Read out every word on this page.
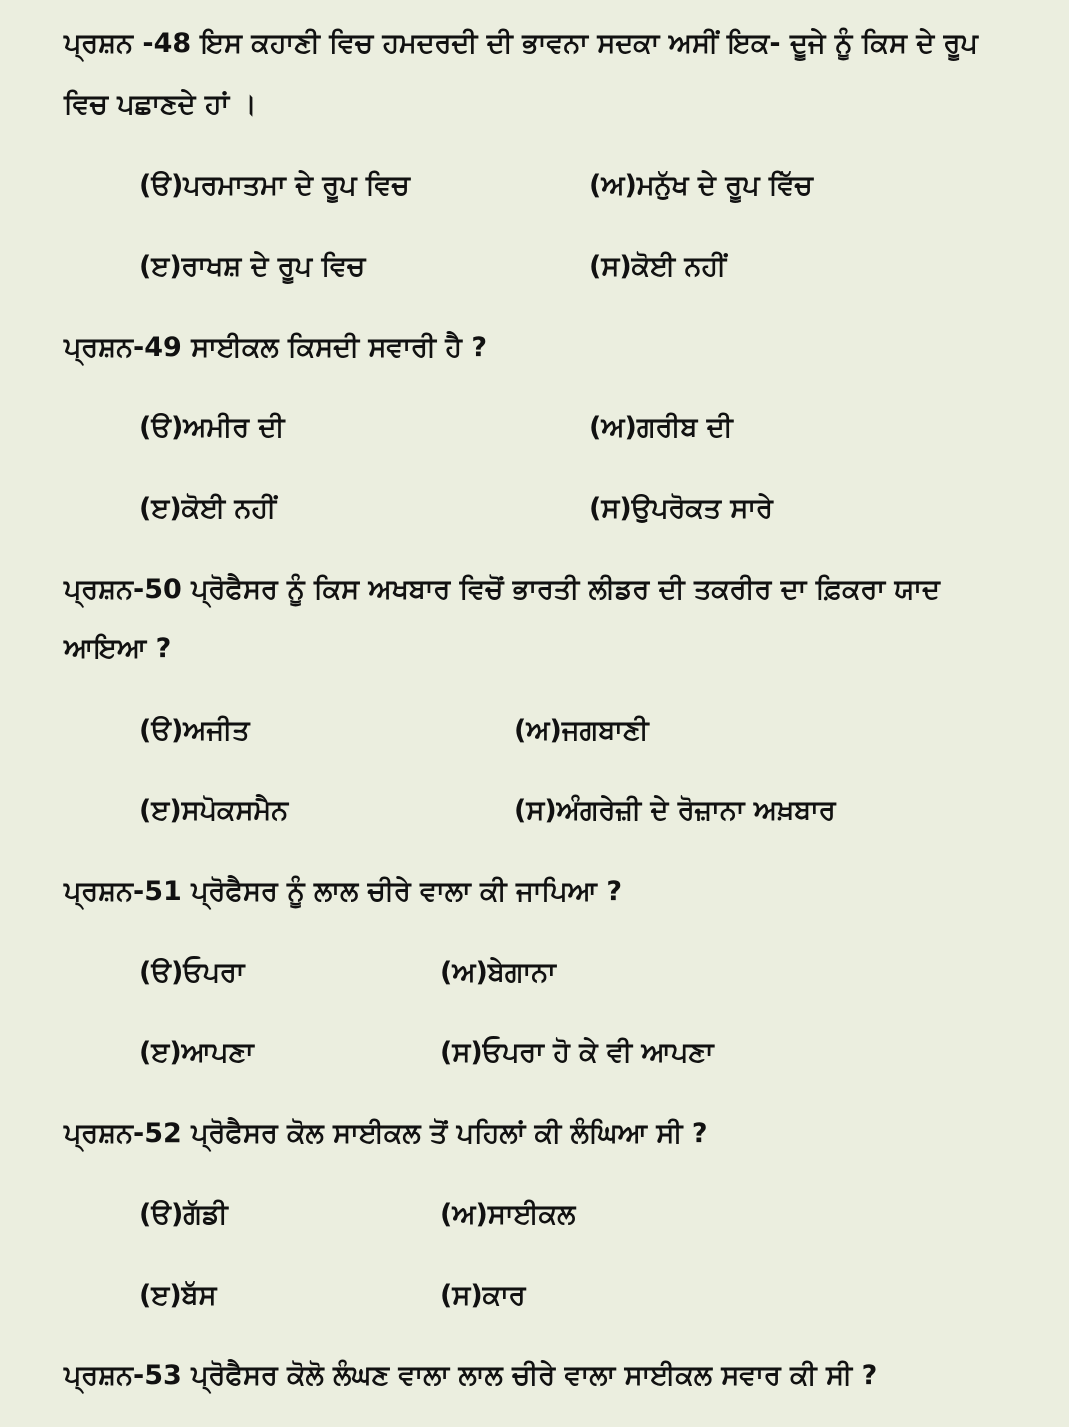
ਪ੍ਰਸ਼ਨ -48 ਇਸ ਕਹਾਣੀ ਵਿਚ ਹਮਦਰਦੀ ਦੀ ਭਾਵਨਾ ਸਦਕਾ ਅਸੀਂ ਇਕ- ਦੂਜੇ ਨੂੰ ਕਿਸ ਦੇ ਰੂਪ
ਵਿਚ ਪਛਾਣਦੇ ਹਾਂ ।
(ੳ)ਪਰਮਾਤਮਾ ਦੇ ਰੂਪ ਵਿਚ	(ਅ)ਮਨੁੱਖ ਦੇ ਰੂਪ ਵਿੱਚ
(ੲ)ਰਾਖਸ਼ ਦੇ ਰੂਪ ਵਿਚ	(ਸ)ਕੋਈ ਨਹੀਂ
ਪ੍ਰਸ਼ਨ-49 ਸਾਈਕਲ ਕਿਸਦੀ ਸਵਾਰੀ ਹੈ ?
(ੳ)ਅਮੀਰ ਦੀ	(ਅ)ਗਰੀਬ ਦੀ
(ੲ)ਕੋਈ ਨਹੀਂ	(ਸ)ਉਪਰੋਕਤ ਸਾਰੇ
ਪ੍ਰਸ਼ਨ-50 ਪ੍ਰੋਫੈਸਰ ਨੂੰ ਕਿਸ ਅਖਬਾਰ ਵਿਚੋਂ ਭਾਰਤੀ ਲੀਡਰ ਦੀ ਤਕਰੀਰ ਦਾ ਫ਼ਿਕਰਾ ਯਾਦ
ਆਇਆ ?
(ੳ)ਅਜੀਤ	(ਅ)ਜਗਬਾਣੀ
(ੲ)ਸਪੋਕਸਮੈਨ	(ਸ)ਅੰਗਰੇਜ਼ੀ ਦੇ ਰੋਜ਼ਾਨਾ ਅਖ਼ਬਾਰ
ਪ੍ਰਸ਼ਨ-51 ਪ੍ਰੋਫੈਸਰ ਨੂੰ ਲਾਲ ਚੀਰੇ ਵਾਲਾ ਕੀ ਜਾਪਿਆ ?
(ੳ)ਓਪਰਾ	(ਅ)ਬੇਗਾਨਾ
(ੲ)ਆਪਣਾ	(ਸ)ਓਪਰਾ ਹੋ ਕੇ ਵੀ ਆਪਣਾ
ਪ੍ਰਸ਼ਨ-52 ਪ੍ਰੋਫੈਸਰ ਕੋਲ ਸਾਈਕਲ ਤੋਂ ਪਹਿਲਾਂ ਕੀ ਲੰਘਿਆ ਸੀ ?
(ੳ)ਗੱਡੀ	(ਅ)ਸਾਈਕਲ
(ੲ)ਬੱਸ	(ਸ)ਕਾਰ
ਪ੍ਰਸ਼ਨ-53 ਪ੍ਰੋਫੈਸਰ ਕੋਲੋ ਲੰਘਣ ਵਾਲਾ ਲਾਲ ਚੀਰੇ ਵਾਲਾ ਸਾਈਕਲ ਸਵਾਰ ਕੀ ਸੀ ?
